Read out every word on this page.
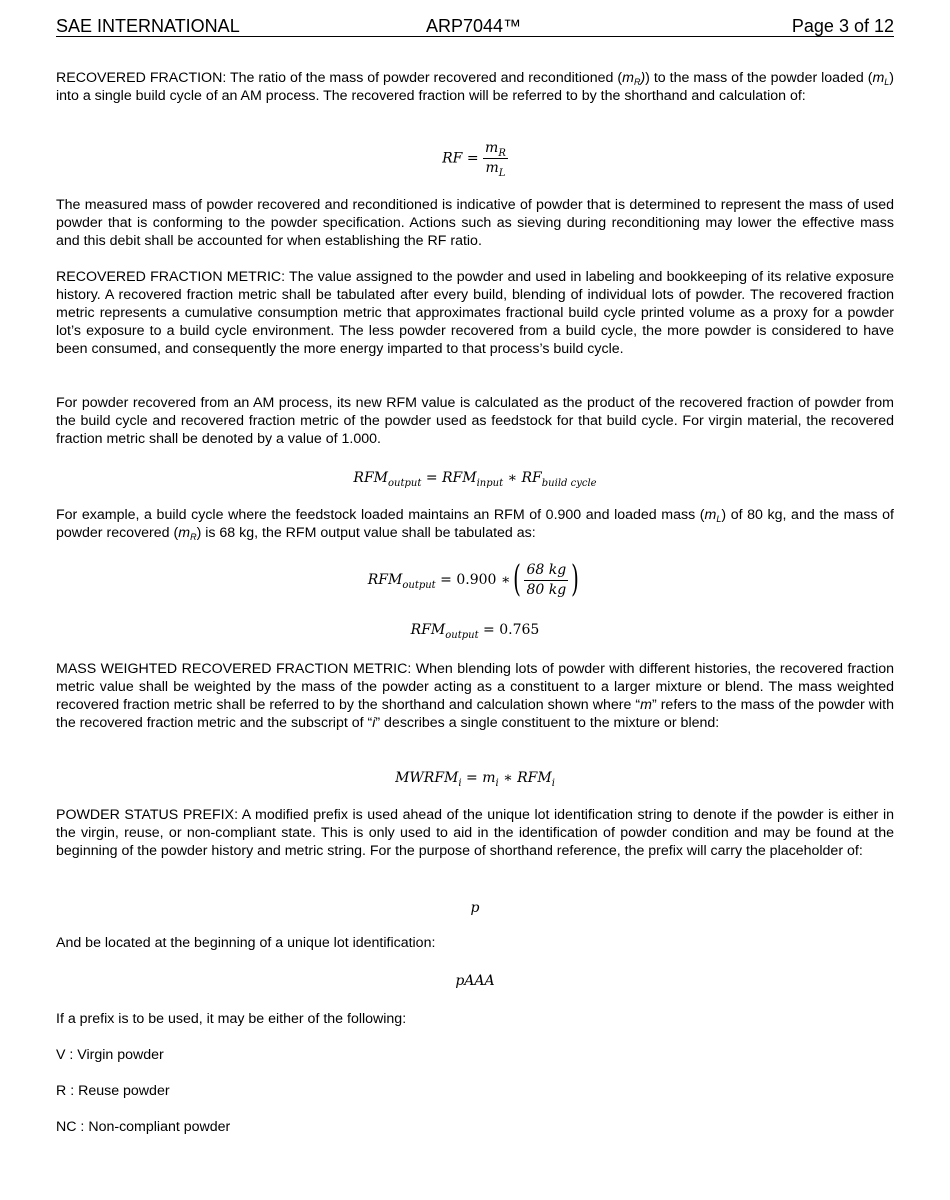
SAE INTERNATIONAL	ARP7044™	Page 3 of 12

RECOVERED FRACTION: The ratio of the mass of powder recovered and reconditioned $(m_R)$) to the mass of the powder loaded $(m_L)$ into a single build cycle of an AM process. The recovered fraction will be referred to by the shorthand and calculation of:

RF = $\frac{m_R}{m_L}$

The measured mass of powder recovered and reconditioned is indicative of powder that is determined to represent the mass of used powder that is conforming to the powder specification. Actions such as sieving during reconditioning may lower the effective mass and this debit shall be accounted for when establishing the RF ratio.

RECOVERED FRACTION METRIC: The value assigned to the powder and used in labeling and bookkeeping of its relative exposure history. A recovered fraction metric shall be tabulated after every build, blending of individual lots of powder. The recovered fraction metric represents a cumulative consumption metric that approximates fractional build cycle printed volume as a proxy for a powder lot’s exposure to a build cycle environment. The less powder recovered from a build cycle, the more powder is considered to have been consumed, and consequently the more energy imparted to that process’s build cycle.

For powder recovered from an AM process, its new RFM value is calculated as the product of the recovered fraction of powder from the build cycle and recovered fraction metric of the powder used as feedstock for that build cycle. For virgin material, the recovered fraction metric shall be denoted by a value of 1.000.

$RFM_{output} = RFM_{input}$ ∗ $RF_{build cycle}$

For example, a build cycle where the feedstock loaded maintains an RFM of 0.900 and loaded mass $(m_L)$ of 80 kg, and the mass of powder recovered $(m_R)$ is 68 kg, the RFM output value shall be tabulated as:

$RFM_{output} = 0.900$ ∗( $\frac{68 kg}{80 kg}$ )
$RFM_{output} = 0.765$

MASS WEIGHTED RECOVERED FRACTION METRIC: When blending lots of powder with different histories, the recovered fraction metric value shall be weighted by the mass of the powder acting as a constituent to a larger mixture or blend. The mass weighted recovered fraction metric shall be referred to by the shorthand and calculation shown where “m” refers to the mass of the powder with the recovered fraction metric and the subscript of “i” describes a single constituent to the mixture or blend:

$MWRFM_i = m_i$ ∗ $RFM_i$

POWDER STATUS PREFIX: A modified prefix is used ahead of the unique lot identification string to denote if the powder is either in the virgin, reuse, or non-compliant state. This is only used to aid in the identification of powder condition and may be found at the beginning of the powder history and metric string. For the purpose of shorthand reference, the prefix will carry the placeholder of:

p

And be located at the beginning of a unique lot identification:

pAAA

If a prefix is to be used, it may be either of the following:

V : Virgin powder
R : Reuse powder
NC : Non-compliant powder
